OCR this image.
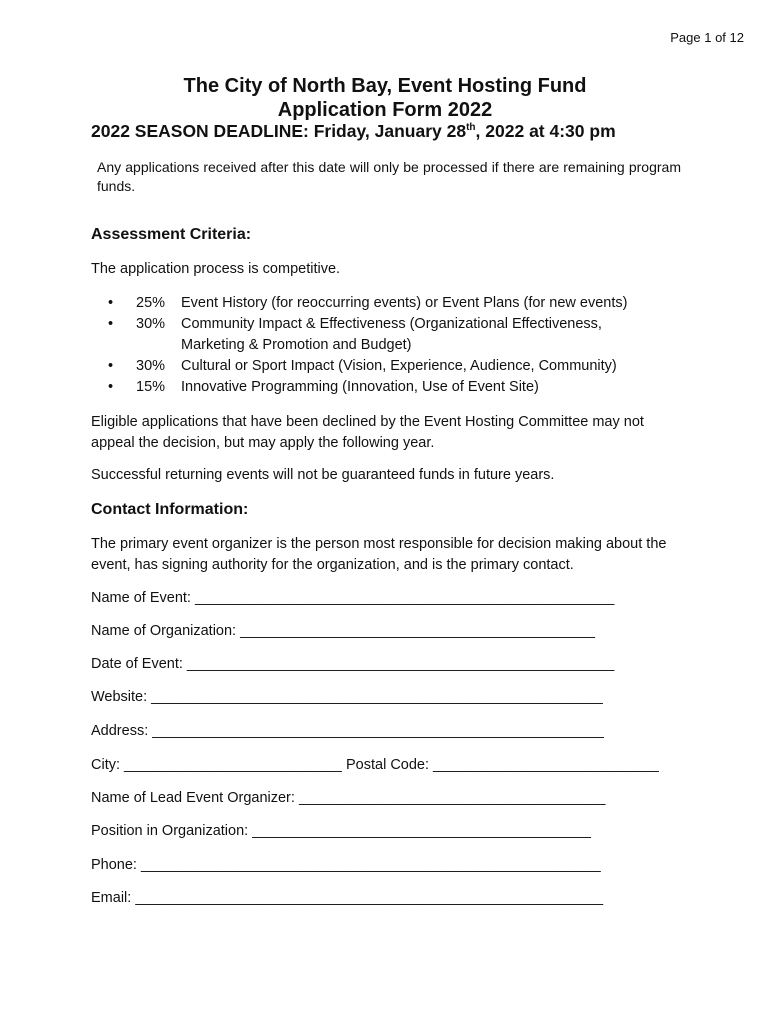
Page 1 of 12
The City of North Bay, Event Hosting Fund
Application Form 2022
2022 SEASON DEADLINE: Friday, January 28th, 2022 at 4:30 pm
Any applications received after this date will only be processed if there are remaining program funds.
Assessment Criteria:
The application process is competitive.
• 25% Event History (for reoccurring events) or Event Plans (for new events)
• 30% Community Impact & Effectiveness (Organizational Effectiveness, Marketing & Promotion and Budget)
• 30% Cultural or Sport Impact (Vision, Experience, Audience, Community)
• 15% Innovative Programming (Innovation, Use of Event Site)
Eligible applications that have been declined by the Event Hosting Committee may not appeal the decision, but may apply the following year.
Successful returning events will not be guaranteed funds in future years.
Contact Information:
The primary event organizer is the person most responsible for decision making about the event, has signing authority for the organization, and is the primary contact.
Name of Event: ____________________________________________________
Name of Organization: ____________________________________________
Date of Event: _____________________________________________________
Website: ________________________________________________________
Address: ________________________________________________________
City: ___________________________ Postal Code: ____________________________
Name of Lead Event Organizer: ______________________________________
Position in Organization: __________________________________________
Phone: _________________________________________________________
Email: __________________________________________________________
